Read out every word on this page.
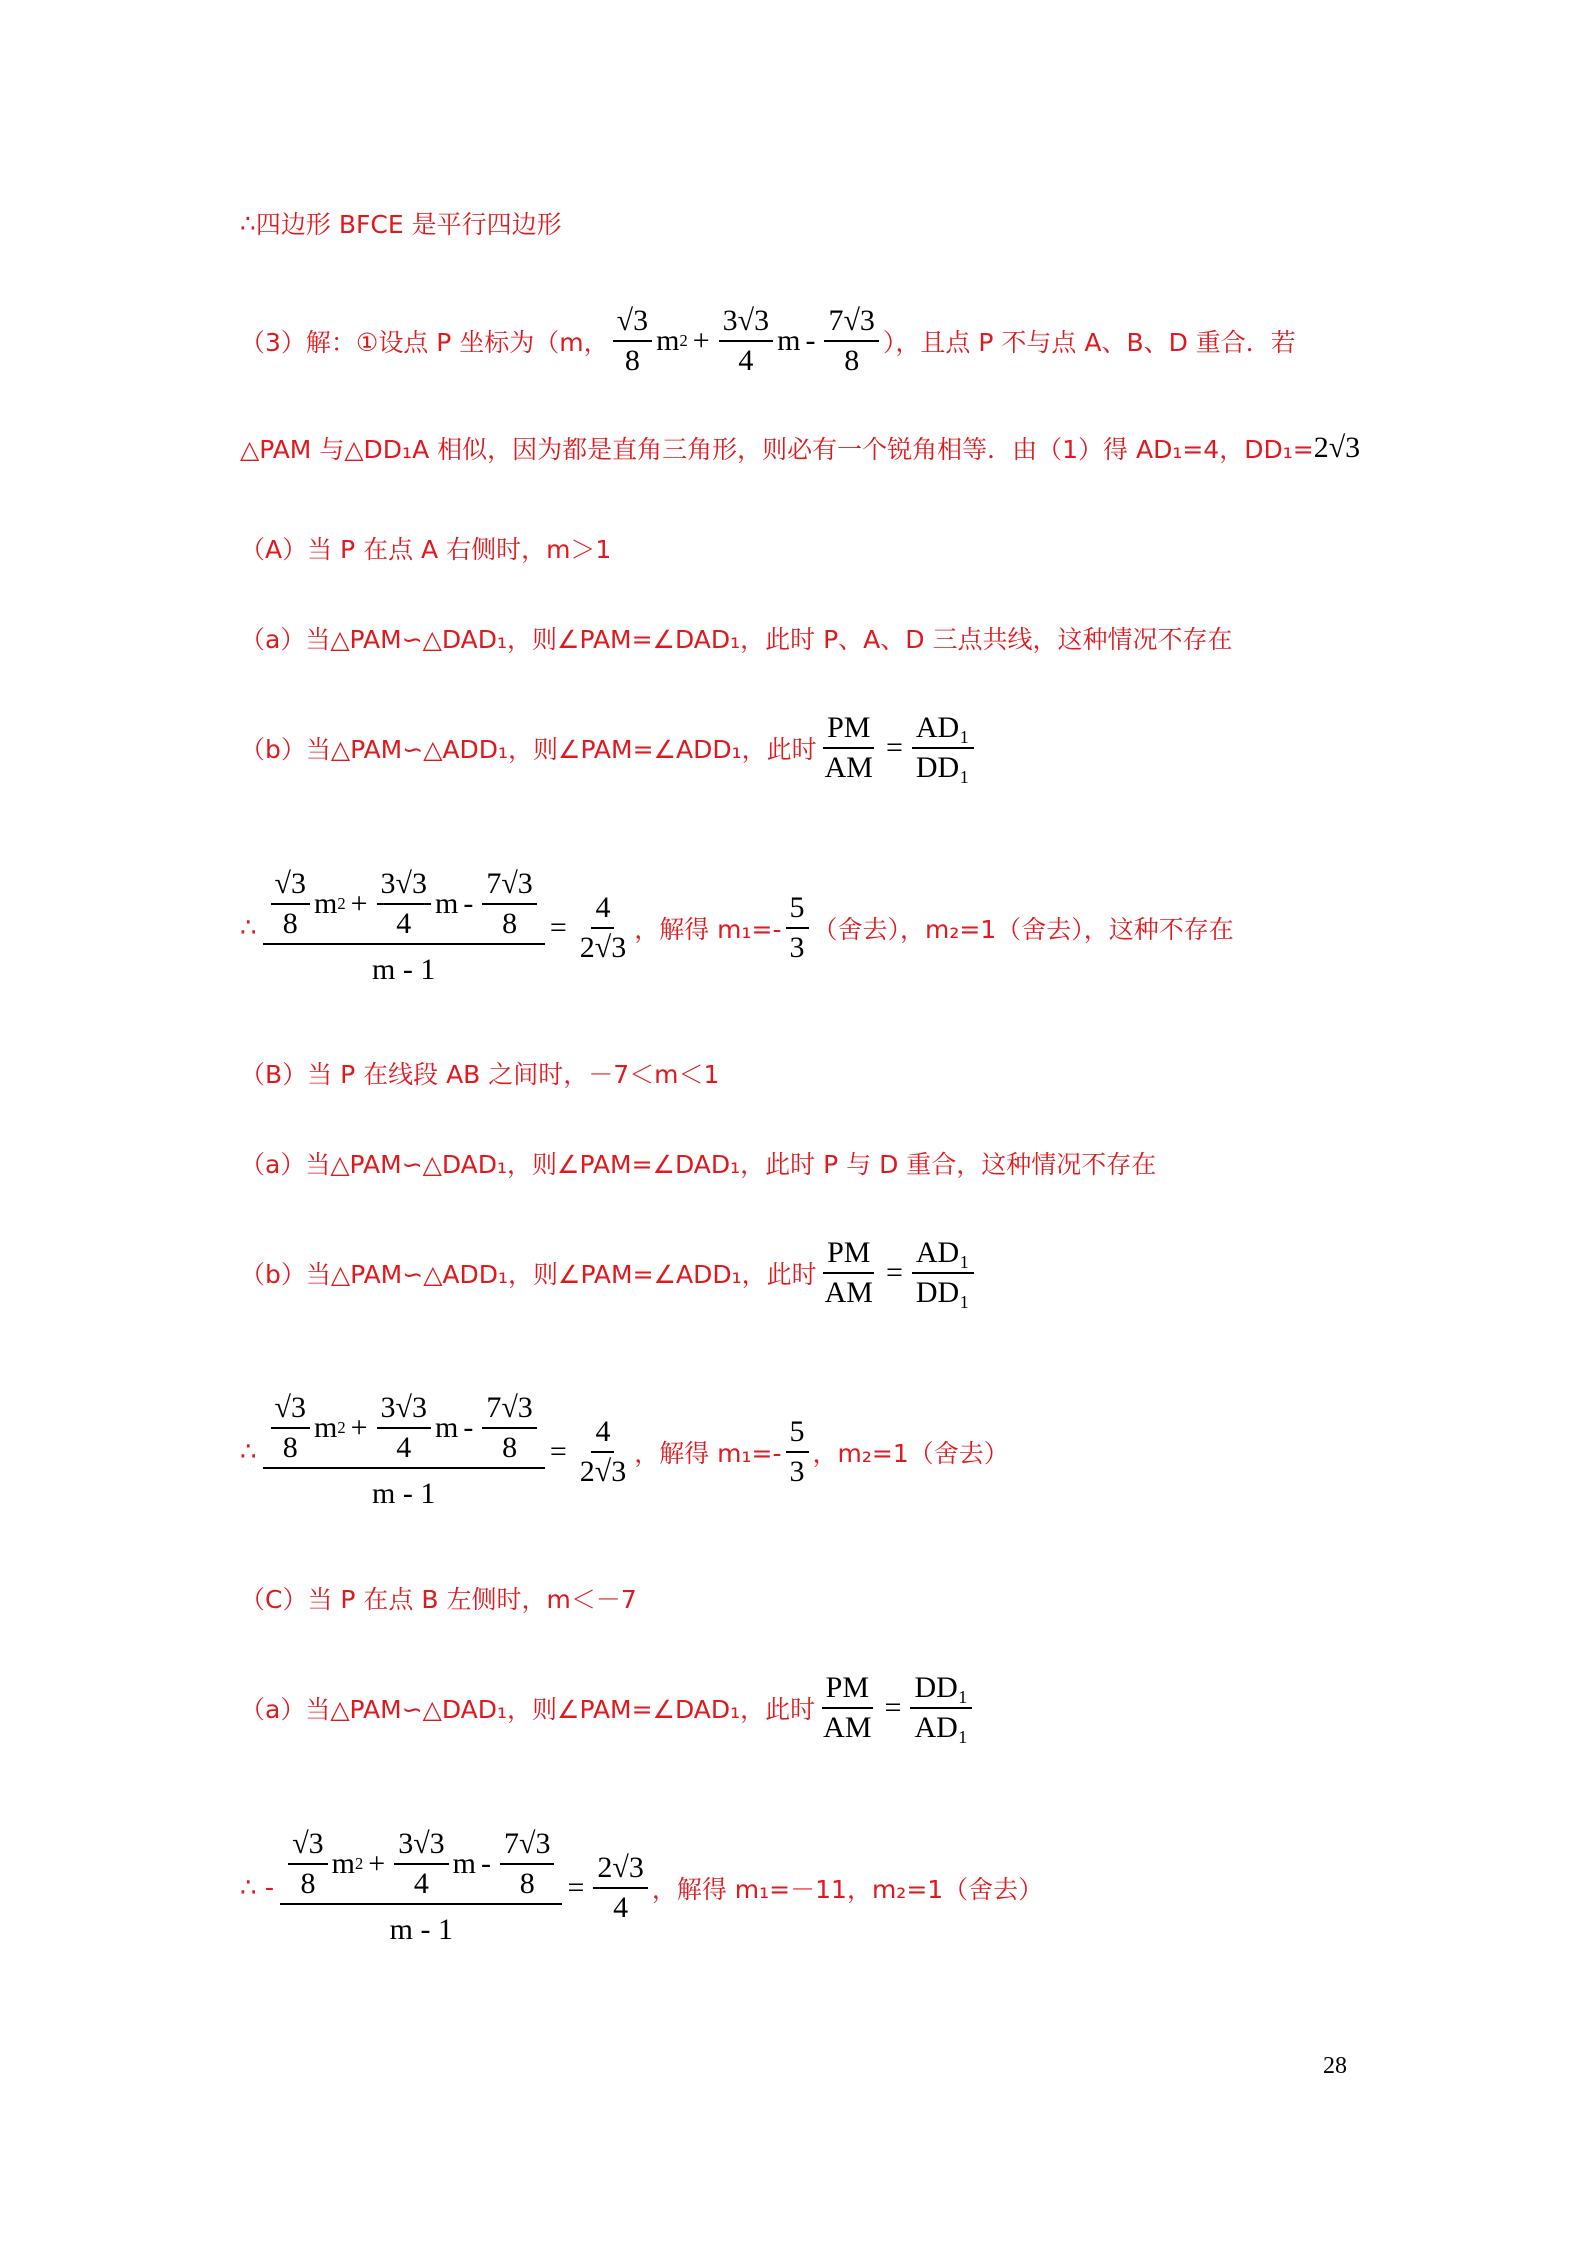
∴ 四边形 BFCE 是平行四边形
（3）解：①设点 P 坐标为（m， $\frac{√3}{8}$ m $2 + \frac{3√3}{4}$ m - $\frac{7√3}{8}$ ），且点 P 不与点 A、B、D 重合．若
△PAM 与△DD₁A 相似，因为都是直角三角形，则必有一个锐角相等．由（1）得 AD₁=4，DD₁= 2√3
（A）当 P 在点 A 右侧时，m＞1
（a）当△PAM∽△DAD₁，则∠PAM=∠DAD₁，此时 P、A、D 三点共线，这种情况不存在
（b）当△PAM∽△ADD₁，则∠PAM=∠ADD₁，此时 $\frac{PM}{AM} = \frac{\text{AD₁}}{\text{DD₁}}$
∴ $\frac{\frac{√3}{8} m 2 + \frac{3√3}{4} m - \frac{7√3}{8}}{m - 1} = \frac{4}{2√3}$ ，解得 $m_1=- \frac{5}{3}$ （舍去），m₂=1（舍去），这种不存在
（B）当 P 在线段 AB 之间时，－7＜m＜1
（a）当△PAM∽△DAD₁，则∠PAM=∠DAD₁，此时 P 与 D 重合，这种情况不存在
（b）当△PAM∽△ADD₁，则∠PAM=∠ADD₁，此时 $\frac{PM}{AM} = \frac{\text{AD₁}}{\text{DD₁}}$
∴ $\frac{\frac{√3}{8} m 2 + \frac{3√3}{4} m - \frac{7√3}{8}}{m - 1} = \frac{4}{2√3}$ ，解得 $m_1=- \frac{5}{3}$ ，m₂=1（舍去）
（C）当 P 在点 B 左侧时，m＜－7
（a）当△PAM∽△DAD₁，则∠PAM=∠DAD₁，此时 $\frac{PM}{AM} = \frac{\text{DD₁}}{\text{AD₁}}$
∴ - $\frac{\frac{√3}{8} m 2 + \frac{3√3}{4} m - \frac{7√3}{8}}{m - 1} = \frac{2√3}{4}$ ，解得 m₁=－11，m₂=1（舍去）
28
